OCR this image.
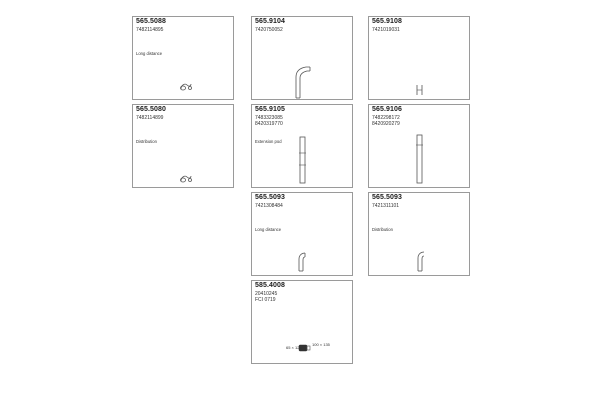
565.5088
7482114895
Long distance
565.9104
7420750052
565.9108
7421019031
565.5080
7482114899
Distribution
565.9105
7483323085
8420319770
Extension pod
565.9106
7482298172
8420920279
565.5093
7421308484
Long distance
565.5093
7421311101
Distribution
585.4008
20410245
FCI 0719
65 × 126
100 × 135
